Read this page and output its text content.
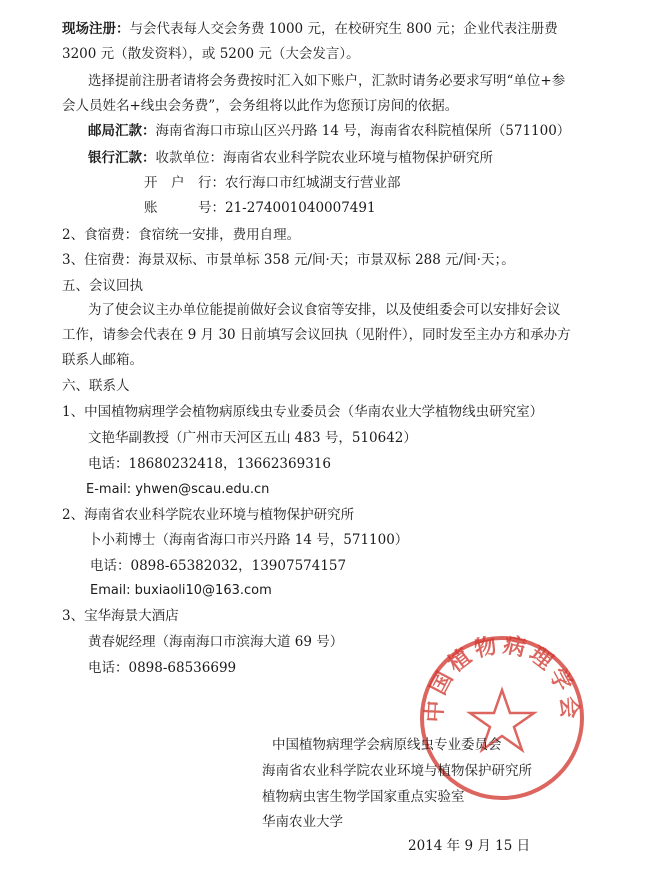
现场注册：与会代表每人交会务费 1000 元，在校研究生 800 元；企业代表注册费
3200 元（散发资料），或 5200 元（大会发言）。
选择提前注册者请将会务费按时汇入如下账户，汇款时请务必要求写明“单位+参
会人员姓名+线虫会务费”，会务组将以此作为您预订房间的依据。
邮局汇款：海南省海口市琼山区兴丹路 14 号，海南省农科院植保所（571100）
银行汇款：收款单位：海南省农业科学院农业环境与植物保护研究所
开　户　行：农行海口市红城湖支行营业部
账　　　号：21-274001040007491
2、食宿费：食宿统一安排，费用自理。
3、住宿费：海景双标、市景单标 358 元/间·天；市景双标 288 元/间·天；。
五、会议回执
为了使会议主办单位能提前做好会议食宿等安排，以及使组委会可以安排好会议
工作，请参会代表在 9 月 30 日前填写会议回执（见附件），同时发至主办方和承办方
联系人邮箱。
六、联系人
1、中国植物病理学会植物病原线虫专业委员会（华南农业大学植物线虫研究室）
文艳华副教授（广州市天河区五山 483 号，510642）
电话：18680232418，13662369316
E-mail: yhwen@scau.edu.cn
2、海南省农业科学院农业环境与植物保护研究所
卜小莉博士（海南省海口市兴丹路 14 号，571100）
电话：0898-65382032，13907574157
Email: buxiaoli10@163.com
3、宝华海景大酒店
黄春妮经理（海南海口市滨海大道 69 号）
电话：0898-68536699
中国植物病理学会
中国植物病理学会病原线虫专业委员会
海南省农业科学院农业环境与植物保护研究所
植物病虫害生物学国家重点实验室
华南农业大学
2014 年 9 月 15 日
